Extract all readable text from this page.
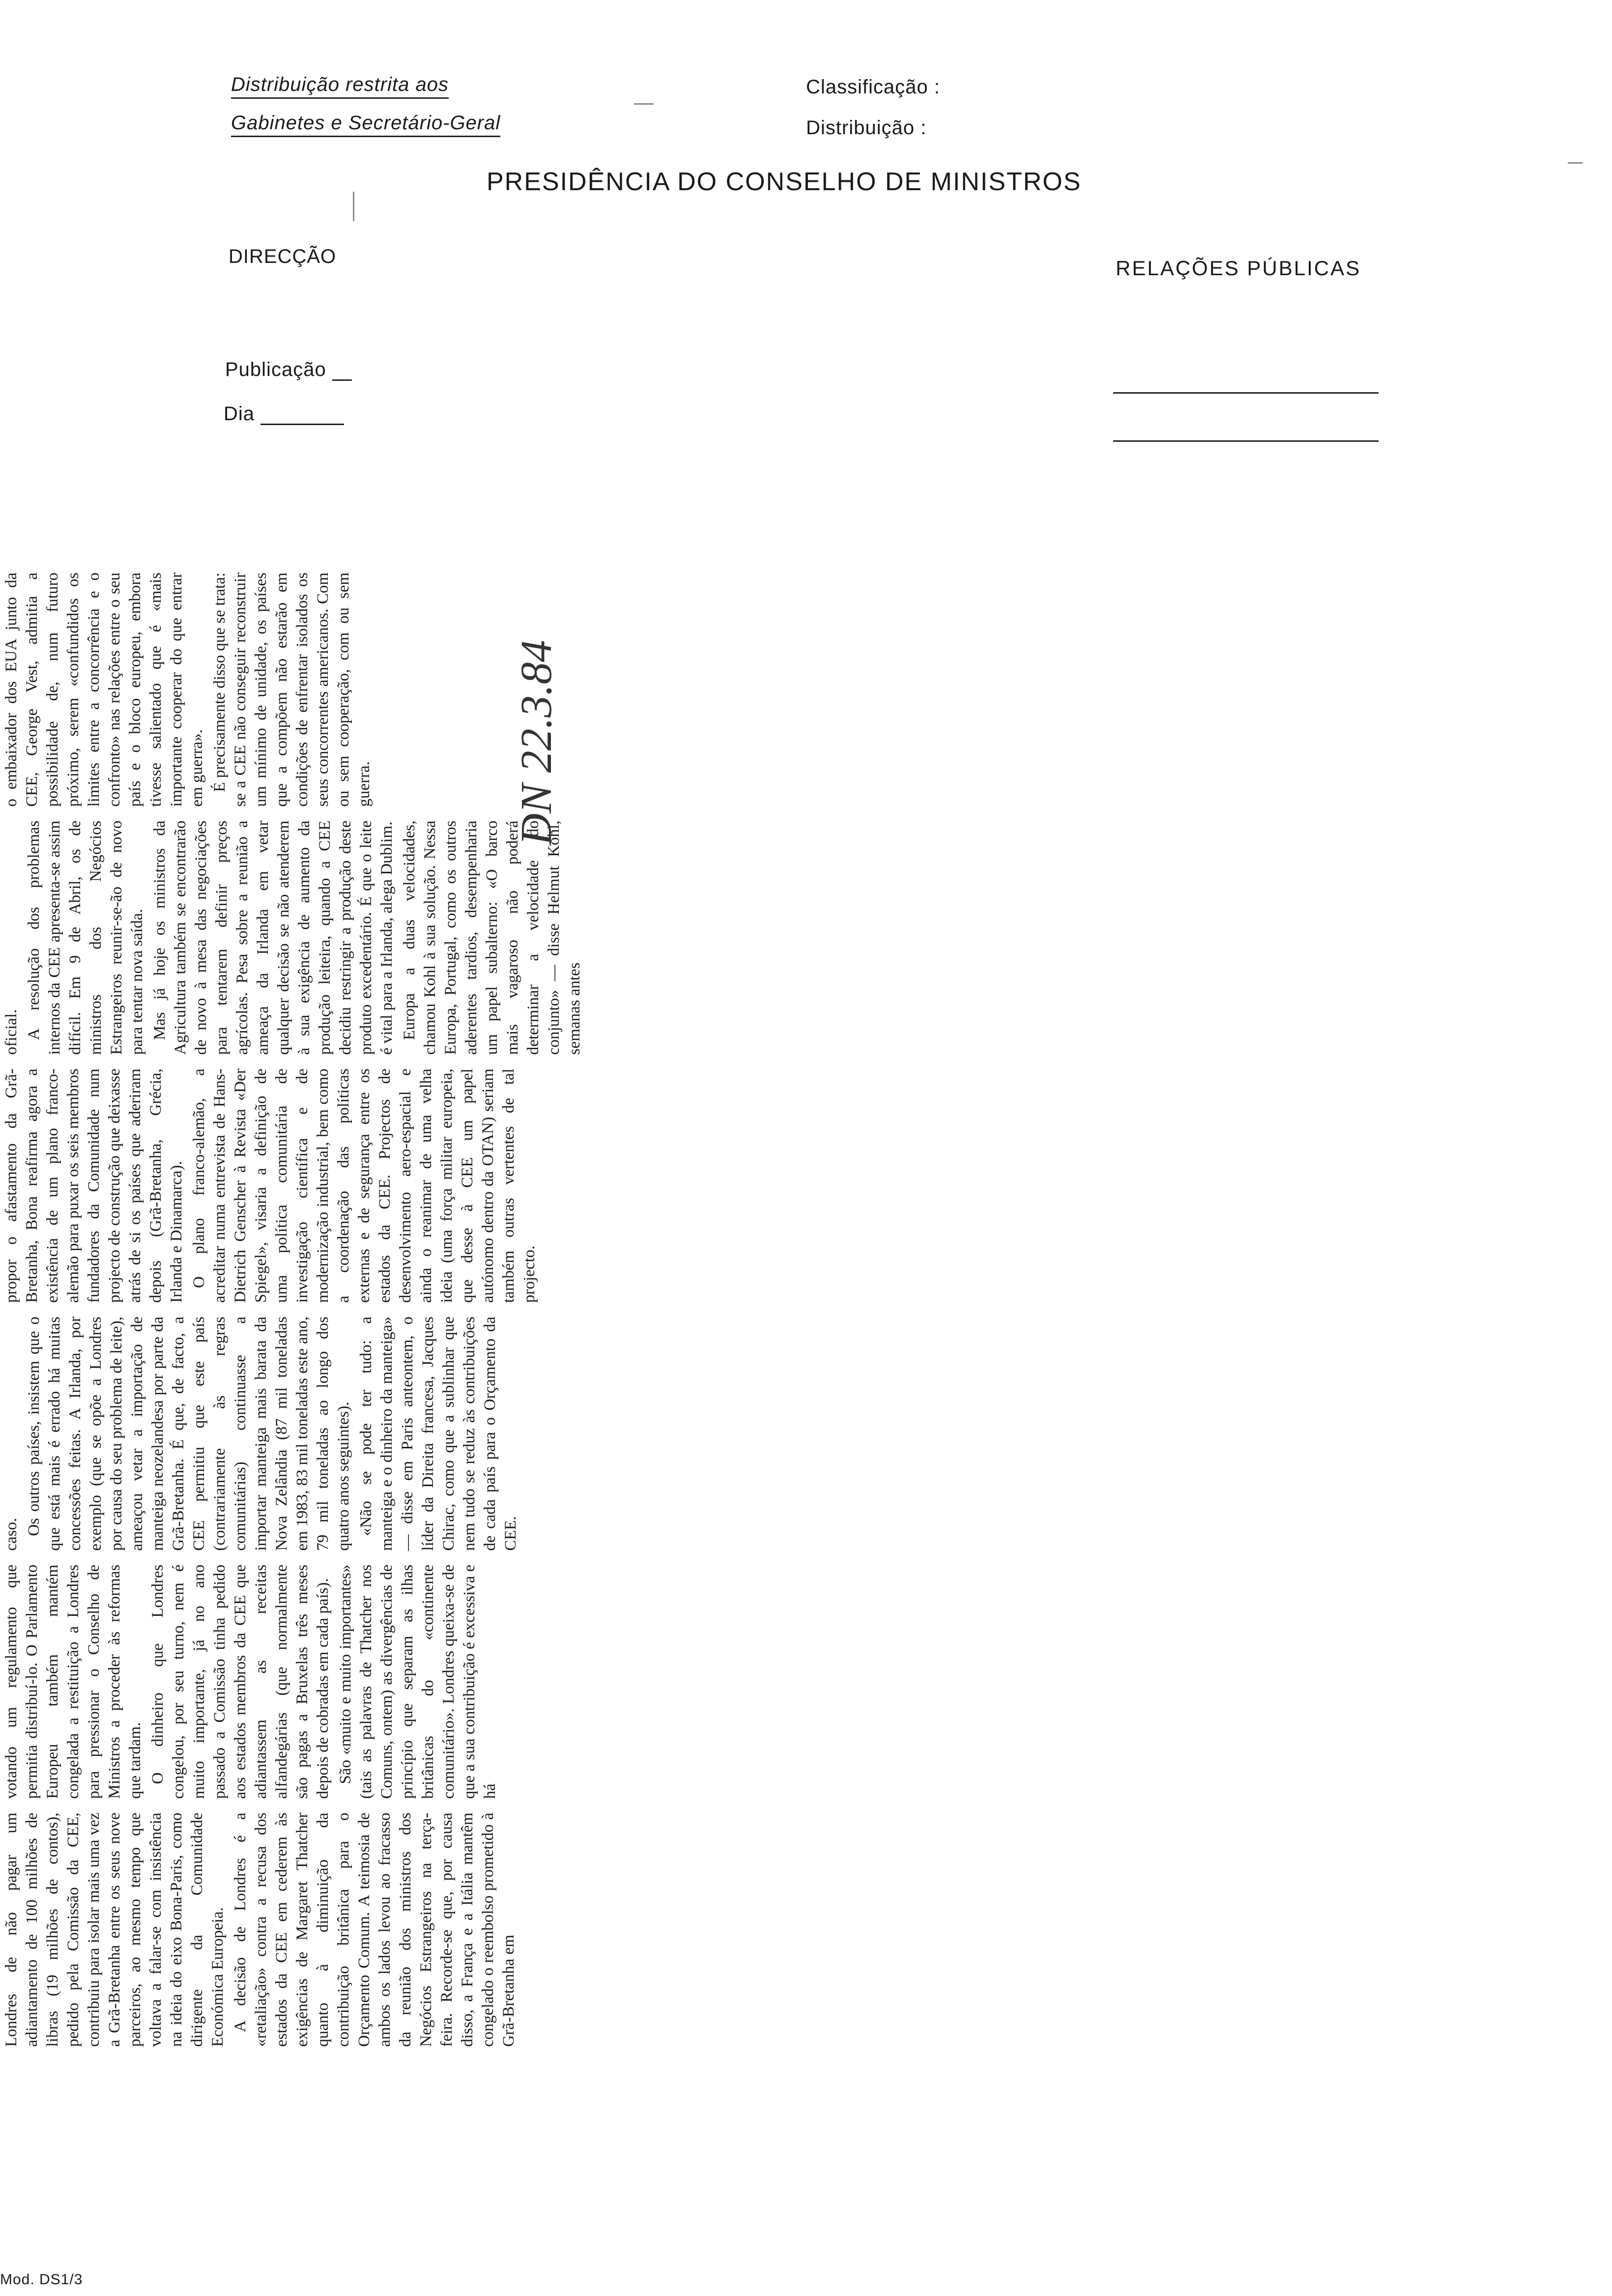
Distribuição restrita aos
Gabinetes e Secretário-Geral
Classificação :
Distribuição :
PRESIDÊNCIA DO CONSELHO DE MINISTROS
DIRECÇÃO
Publicação
Dia
RELAÇÕES PÚBLICAS

Londres de não pagar um adiantamento de 100 milhões de libras (19 milhões de contos), pedido pela Comissão da CEE, contribuiu para isolar mais uma vez a Grã-Bretanha entre os seus nove parceiros, ao mesmo tempo que voltava a falar-se com insistência na ideia do eixo Bona-Paris, como dirigente da Comunidade Económica Europeia. A decisão de Londres é a «retaliação» contra a recusa dos estados da CEE em cederem às exigências de Margaret Thatcher quanto à diminuição da contribuição britânica para o Orçamento Comum. A teimosia de ambos os lados levou ao fracasso da reunião dos ministros dos Negócios Estrangeiros na terça-feira. Recorde-se que, por causa disso, a França e a Itália mantêm congelado o reembolso prometido à Grã-Bretanha em

votando um regulamento que permitia distribuí-lo. O Parlamento Europeu também mantém congelada a restituição a Londres para pressionar o Conselho de Ministros a proceder às reformas que tardam. O dinheiro que Londres congelou, por seu turno, nem é muito importante, já no ano passado a Comissão tinha pedido aos estados membros da CEE que adiantassem as receitas alfandegárias (que normalmente são pagas a Bruxelas três meses depois de cobradas em cada país). São «muito e muito importantes» (tais as palavras de Thatcher nos Comuns, ontem) as divergências de princípio que separam as ilhas britânicas do «continente comunitário». Londres queixa-se de que a sua contribuição é excessiva e há

caso. Os outros países, insistem que o que está mais é errado há muitas concessões feitas. A Irlanda, por exemplo (que se opõe a Londres por causa do seu problema de leite), ameaçou vetar a importação de manteiga neozelandesa por parte da Grã-Bretanha. É que, de facto, a CEE permitiu que este país (contrariamente às regras comunitárias) continuasse a importar manteiga mais barata da Nova Zelândia (87 mil toneladas em 1983, 83 mil toneladas este ano, 79 mil toneladas ao longo dos quatro anos seguintes). «Não se pode ter tudo: a manteiga e o dinheiro da manteiga» — disse em Paris anteontem, o líder da Direita francesa, Jacques Chirac, como que a sublinhar que nem tudo se reduz às contribuições de cada país para o Orçamento da CEE.

propor o afastamento da Grã-Bretanha, Bona reafirma agora a existência de um plano franco-alemão para puxar os seis membros fundadores da Comunidade num projecto de construção que deixasse atrás de si os países que aderiram depois (Grã-Bretanha, Grécia, Irlanda e Dinamarca). O plano franco-alemão, a acreditar numa entrevista de Hans-Dietrich Genscher à Revista «Der Spiegel», visaria a definição de uma política comunitária de investigação científica e de modernização industrial, bem como a coordenação das políticas externas e de segurança entre os estados da CEE. Projectos de desenvolvimento aero-espacial e ainda o reanimar de uma velha ideia (uma força militar europeia, que desse à CEE um papel autónomo dentro da OTAN) seriam também outras vertentes de tal projecto.

oficial. A resolução dos problemas internos da CEE apresenta-se assim difícil. Em 9 de Abril, os de ministros dos Negócios Estrangeiros reunir-se-ão de novo para tentar nova saída. Mas já hoje os ministros da Agricultura também se encontrarão de novo à mesa das negociações para tentarem definir preços agrícolas. Pesa sobre a reunião a ameaça da Irlanda em vetar qualquer decisão se não atenderem à sua exigência de aumento da produção leiteira, quando a CEE decidiu restringir a produção deste produto excedentário. É que o leite é vital para a Irlanda, alega Dublim. Europa a duas velocidades, chamou Kohl à sua solução. Nessa Europa, Portugal, como os outros aderentes tardios, desempenharia um papel subalterno: «O barco mais vagaroso não poderá determinar a velocidade do conjunto» — disse Helmut Kohl, semanas antes

o embaixador dos EUA junto da CEE, George Vest, admitia a possibilidade de, num futuro próximo, serem «confundidos os limites entre a concorrência e o confronto» nas relações entre o seu país e o bloco europeu, embora tivesse salientado que é «mais importante cooperar do que entrar em guerra». É precisamente disso que se trata: se a CEE não conseguir reconstruir um mínimo de unidade, os países que a compõem não estarão em condições de enfrentar isolados os seus concorrentes americanos. Com ou sem cooperação, com ou sem guerra.	DN 22.3.84
Mod. DS1/3
